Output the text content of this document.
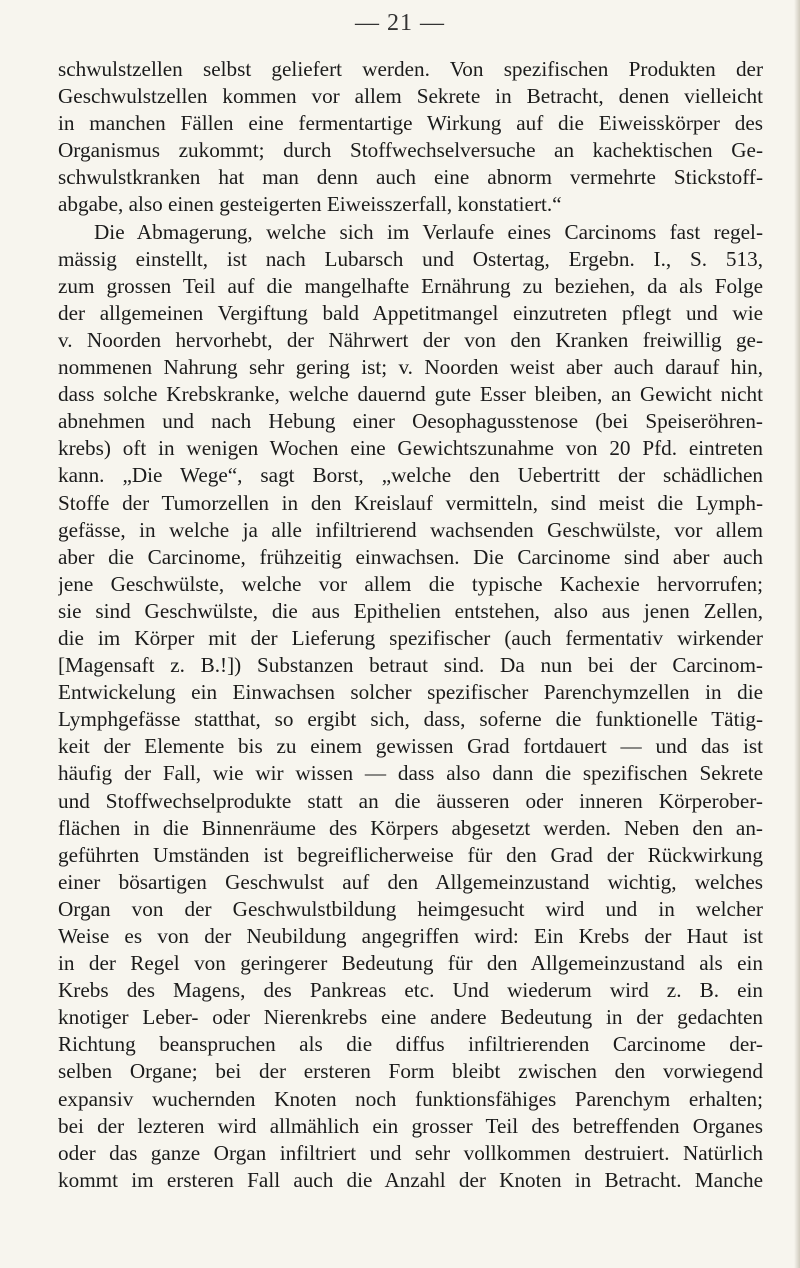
— 21 —
schwulstzellen selbst geliefert werden. Von spezifischen Produkten der
Geschwulstzellen kommen vor allem Sekrete in Betracht, denen vielleicht
in manchen Fällen eine fermentartige Wirkung auf die Eiweisskörper des
Organismus zukommt; durch Stoffwechselversuche an kachektischen Ge-
schwulstkranken hat man denn auch eine abnorm vermehrte Stickstoff-
abgabe, also einen gesteigerten Eiweisszerfall, konstatiert.“
Die Abmagerung, welche sich im Verlaufe eines Carcinoms fast regel-
mässig einstellt, ist nach Lubarsch und Ostertag, Ergebn. I., S. 513,
zum grossen Teil auf die mangelhafte Ernährung zu beziehen, da als Folge
der allgemeinen Vergiftung bald Appetitmangel einzutreten pflegt und wie
v. Noorden hervorhebt, der Nährwert der von den Kranken freiwillig ge-
nommenen Nahrung sehr gering ist; v. Noorden weist aber auch darauf hin,
dass solche Krebskranke, welche dauernd gute Esser bleiben, an Gewicht nicht
abnehmen und nach Hebung einer Oesophagusstenose (bei Speiseröhren-
krebs) oft in wenigen Wochen eine Gewichtszunahme von 20 Pfd. eintreten
kann. „Die Wege“, sagt Borst, „welche den Uebertritt der schädlichen
Stoffe der Tumorzellen in den Kreislauf vermitteln, sind meist die Lymph-
gefässe, in welche ja alle infiltrierend wachsenden Geschwülste, vor allem
aber die Carcinome, frühzeitig einwachsen. Die Carcinome sind aber auch
jene Geschwülste, welche vor allem die typische Kachexie hervorrufen;
sie sind Geschwülste, die aus Epithelien entstehen, also aus jenen Zellen,
die im Körper mit der Lieferung spezifischer (auch fermentativ wirkender
[Magensaft z. B.!]) Substanzen betraut sind. Da nun bei der Carcinom-
Entwickelung ein Einwachsen solcher spezifischer Parenchymzellen in die
Lymphgefässe statthat, so ergibt sich, dass, soferne die funktionelle Tätig-
keit der Elemente bis zu einem gewissen Grad fortdauert — und das ist
häufig der Fall, wie wir wissen — dass also dann die spezifischen Sekrete
und Stoffwechselprodukte statt an die äusseren oder inneren Körperober-
flächen in die Binnenräume des Körpers abgesetzt werden. Neben den an-
geführten Umständen ist begreiflicherweise für den Grad der Rückwirkung
einer bösartigen Geschwulst auf den Allgemeinzustand wichtig, welches
Organ von der Geschwulstbildung heimgesucht wird und in welcher
Weise es von der Neubildung angegriffen wird: Ein Krebs der Haut ist
in der Regel von geringerer Bedeutung für den Allgemeinzustand als ein
Krebs des Magens, des Pankreas etc. Und wiederum wird z. B. ein
knotiger Leber- oder Nierenkrebs eine andere Bedeutung in der gedachten
Richtung beanspruchen als die diffus infiltrierenden Carcinome der-
selben Organe; bei der ersteren Form bleibt zwischen den vorwiegend
expansiv wuchernden Knoten noch funktionsfähiges Parenchym erhalten;
bei der lezteren wird allmählich ein grosser Teil des betreffenden Organes
oder das ganze Organ infiltriert und sehr vollkommen destruiert. Natürlich
kommt im ersteren Fall auch die Anzahl der Knoten in Betracht. Manche
